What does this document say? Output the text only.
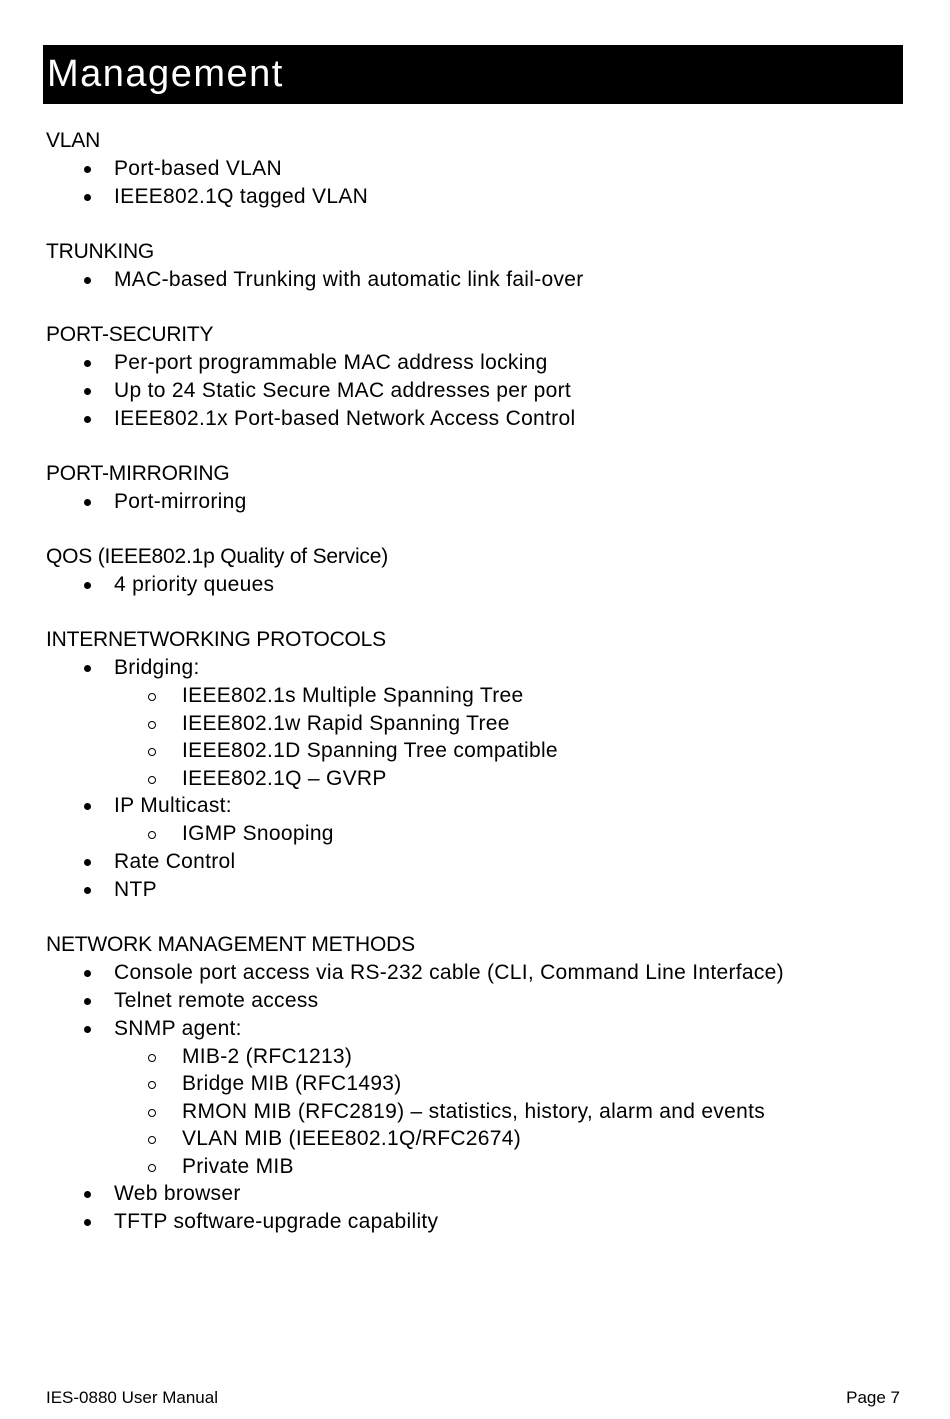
Management
VLAN
Port-based VLAN
IEEE802.1Q tagged VLAN
TRUNKING
MAC-based Trunking with automatic link fail-over
PORT-SECURITY
Per-port programmable MAC address locking
Up to 24 Static Secure MAC addresses per port
IEEE802.1x Port-based Network Access Control
PORT-MIRRORING
Port-mirroring
QOS (IEEE802.1p Quality of Service)
4 priority queues
INTERNETWORKING PROTOCOLS
Bridging:
IEEE802.1s Multiple Spanning Tree
IEEE802.1w Rapid Spanning Tree
IEEE802.1D Spanning Tree compatible
IEEE802.1Q – GVRP
IP Multicast:
IGMP Snooping
Rate Control
NTP
NETWORK MANAGEMENT METHODS
Console port access via RS-232 cable (CLI, Command Line Interface)
Telnet remote access
SNMP agent:
MIB-2 (RFC1213)
Bridge MIB (RFC1493)
RMON MIB (RFC2819) – statistics, history, alarm and events
VLAN MIB (IEEE802.1Q/RFC2674)
Private MIB
Web browser
TFTP software-upgrade capability
IES-0880 User Manual	Page 7
